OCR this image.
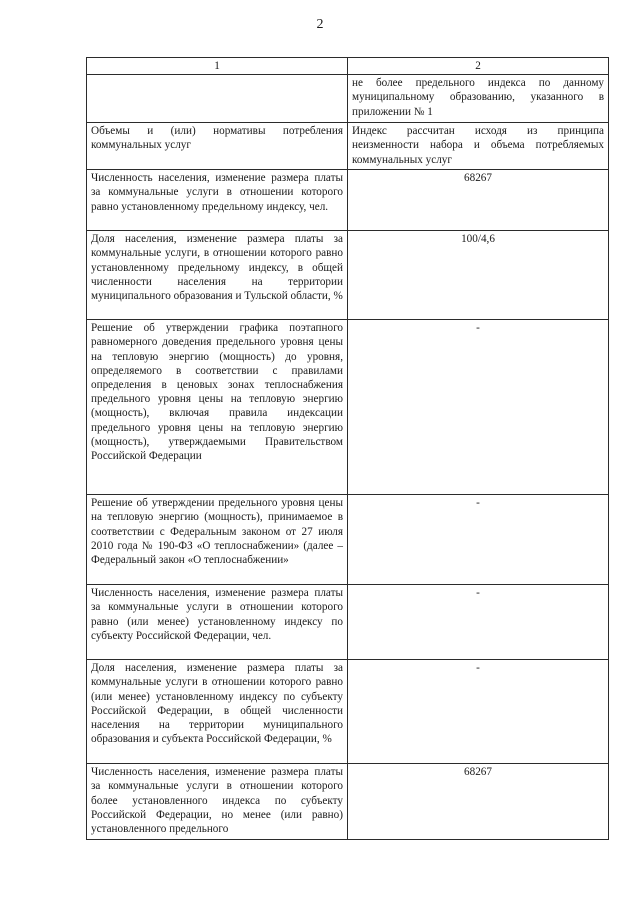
2
1	2
	не более предельного индекса по данному муниципальному образованию, указанного в приложении № 1
Объемы и (или) нормативы потребления коммунальных услуг	Индекс рассчитан исходя из принципа неизменности набора и объема потребляемых коммунальных услуг
Численность населения, изменение размера платы за коммунальные услуги в отношении которого равно установленному предельному индексу, чел.	68267
Доля населения, изменение размера платы за коммунальные услуги, в отношении которого равно установленному предельному индексу, в общей численности населения на территории муниципального образования и Тульской области, %	100/4,6
Решение об утверждении графика поэтапного равномерного доведения предельного уровня цены на тепловую энергию (мощность) до уровня, определяемого в соответствии с правилами определения в ценовых зонах теплоснабжения предельного уровня цены на тепловую энергию (мощность), включая правила индексации предельного уровня цены на тепловую энергию (мощность), утверждаемыми Правительством Российской Федерации	-
Решение об утверждении предельного уровня цены на тепловую энергию (мощность), принимаемое в соответствии с Федеральным законом от 27 июля 2010 года № 190-ФЗ «О теплоснабжении» (далее – Федеральный закон «О теплоснабжении»	-
Численность населения, изменение размера платы за коммунальные услуги в отношении которого равно (или менее) установленному индексу по субъекту Российской Федерации, чел.	-
Доля населения, изменение размера платы за коммунальные услуги в отношении которого равно (или менее) установленному индексу по субъекту Российской Федерации, в общей численности населения на территории муниципального образования и субъекта Российской Федерации, %	-
Численность населения, изменение размера платы за коммунальные услуги в отношении которого более установленного индекса по субъекту Российской Федерации, но менее (или равно) установленного предельного	68267
